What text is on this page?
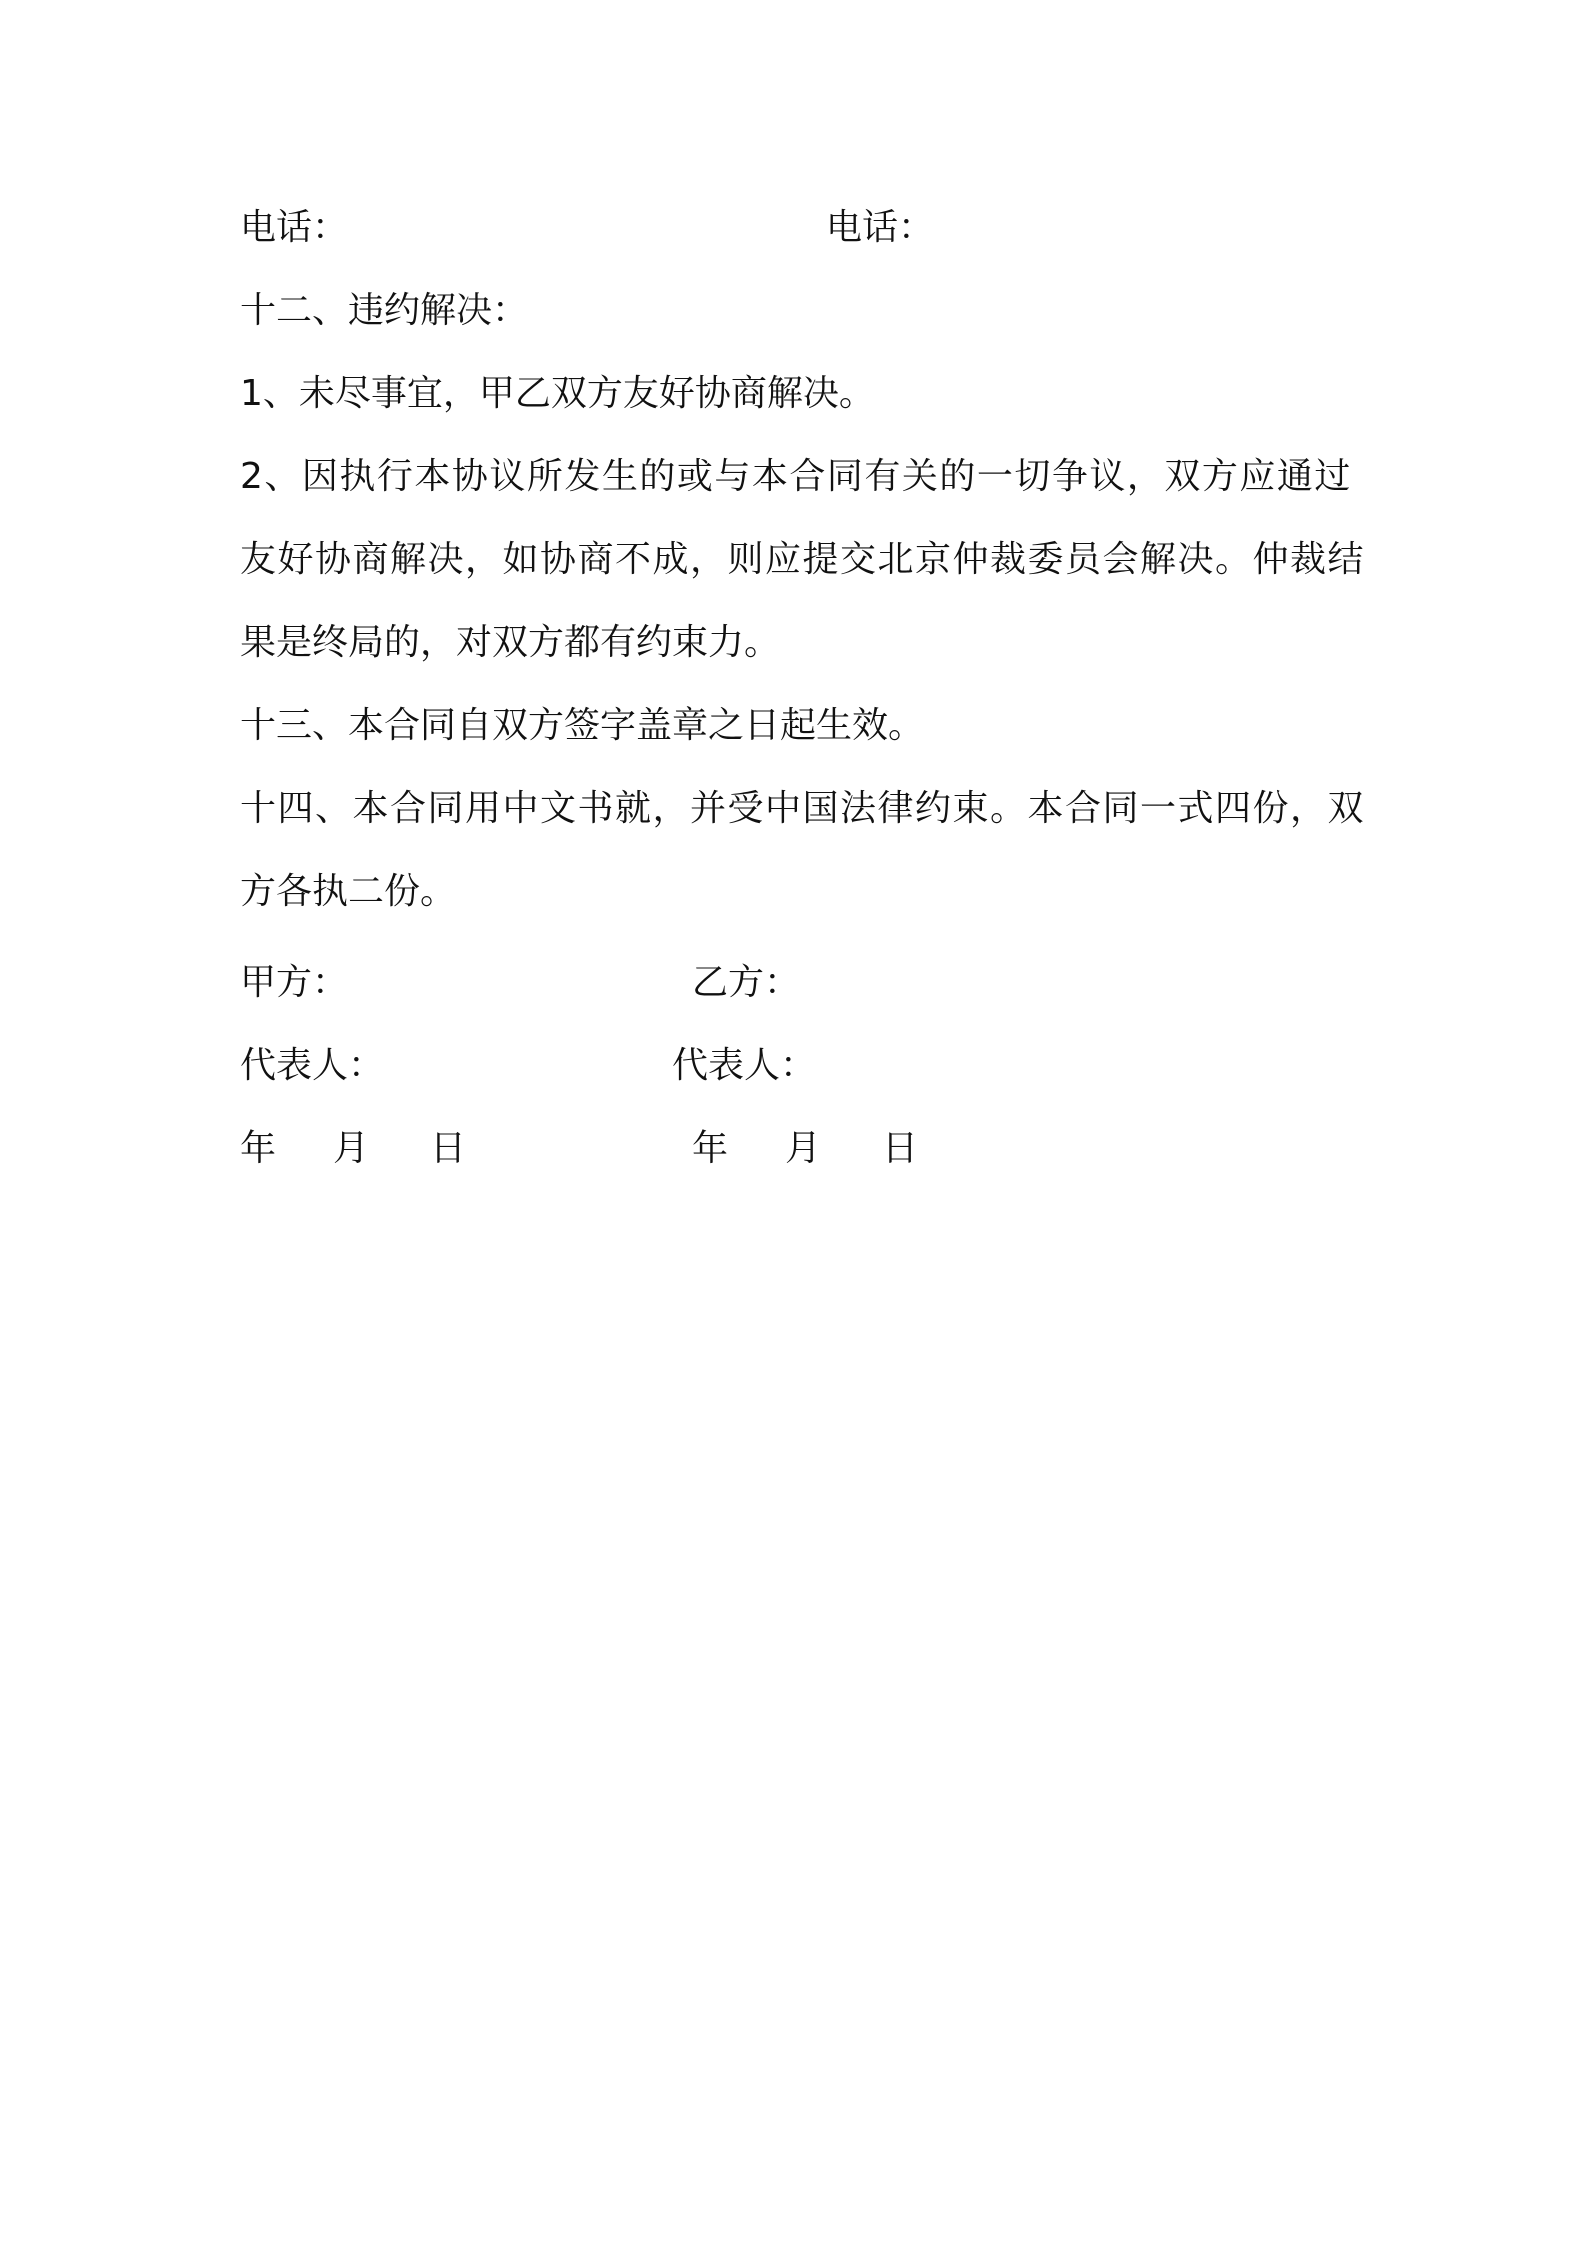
电话：	电话：
十二、违约解决：
1、未尽事宜，甲乙双方友好协商解决。
2、因执行本协议所发生的或与本合同有关的一切争议，双方应通过
友好协商解决，如协商不成，则应提交北京仲裁委员会解决。仲裁结
果是终局的，对双方都有约束力。
十三、本合同自双方签字盖章之日起生效。
十四、本合同用中文书就，并受中国法律约束。本合同一式四份，双
方各执二份。
甲方：	乙方：
代表人：	代表人：
年 月 日	年 月 日
